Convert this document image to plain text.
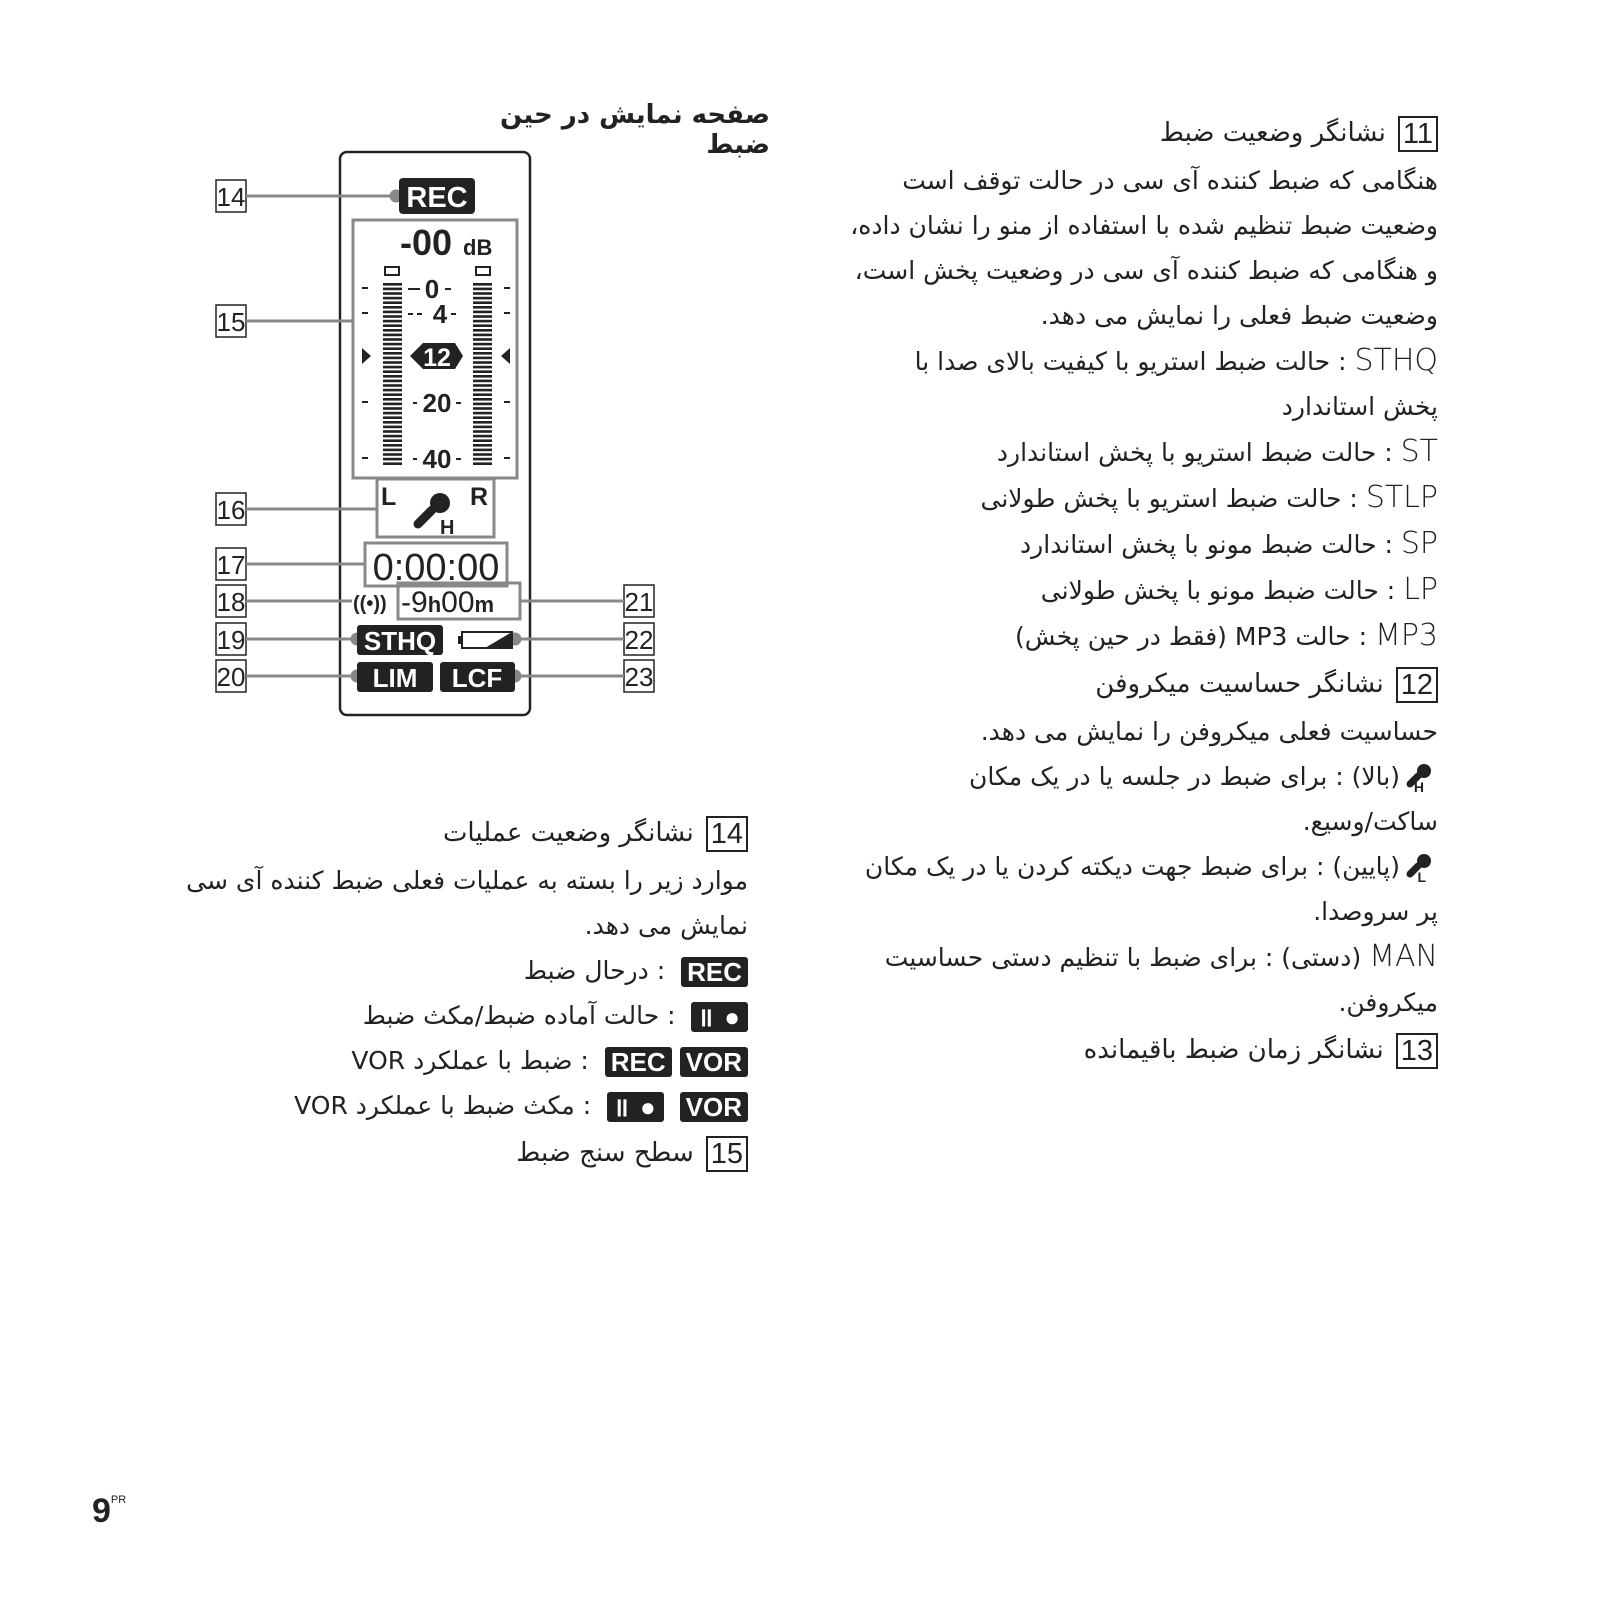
صفحه نمایش در حین ضبط
14
15
16
17
18
19
20
21
22
23
REC
-00 dB
0
4
20
40
12
L	R
H
0:00:00
((•)) -9h00m
STHQ
LIM LCF
11نشانگر وضعیت ضبط
هنگامی که ضبط کننده آی سی در حالت توقف است
وضعیت ضبط تنظیم شده با استفاده از منو را نشان داده،
و هنگامی که ضبط کننده آی سی در وضعیت پخش است،
وضعیت ضبط فعلی را نمایش می دهد.
STHQ : حالت ضبط استریو با کیفیت بالای صدا با
پخش استاندارد
ST : حالت ضبط استریو با پخش استاندارد
STLP : حالت ضبط استریو با پخش طولانی
SP : حالت ضبط مونو با پخش استاندارد
LP : حالت ضبط مونو با پخش طولانی
MP3 : حالت MP3 (فقط در حین پخش)
12نشانگر حساسیت میکروفن
حساسیت فعلی میکروفن را نمایش می دهد.
H
(بالا) : برای ضبط در جلسه یا در یک مکان
ساکت/وسیع.
L
(پایین) : برای ضبط جهت دیکته کردن یا در یک مکان
پر سروصدا.
MAN (دستی) : برای ضبط با تنظیم دستی حساسیت
میکروفن.
13نشانگر زمان ضبط باقیمانده
14نشانگر وضعیت عملیات
موارد زیر را بسته به عملیات فعلی ضبط کننده آی سی
نمایش می دهد.
REC : درحال ضبط
● ॥ : حالت آماده ضبط/مکث ضبط
VORREC : ضبط با عملکرد VOR
VOR● ॥ : مکث ضبط با عملکرد VOR
15سطح سنج ضبط
$9^{PR}$
